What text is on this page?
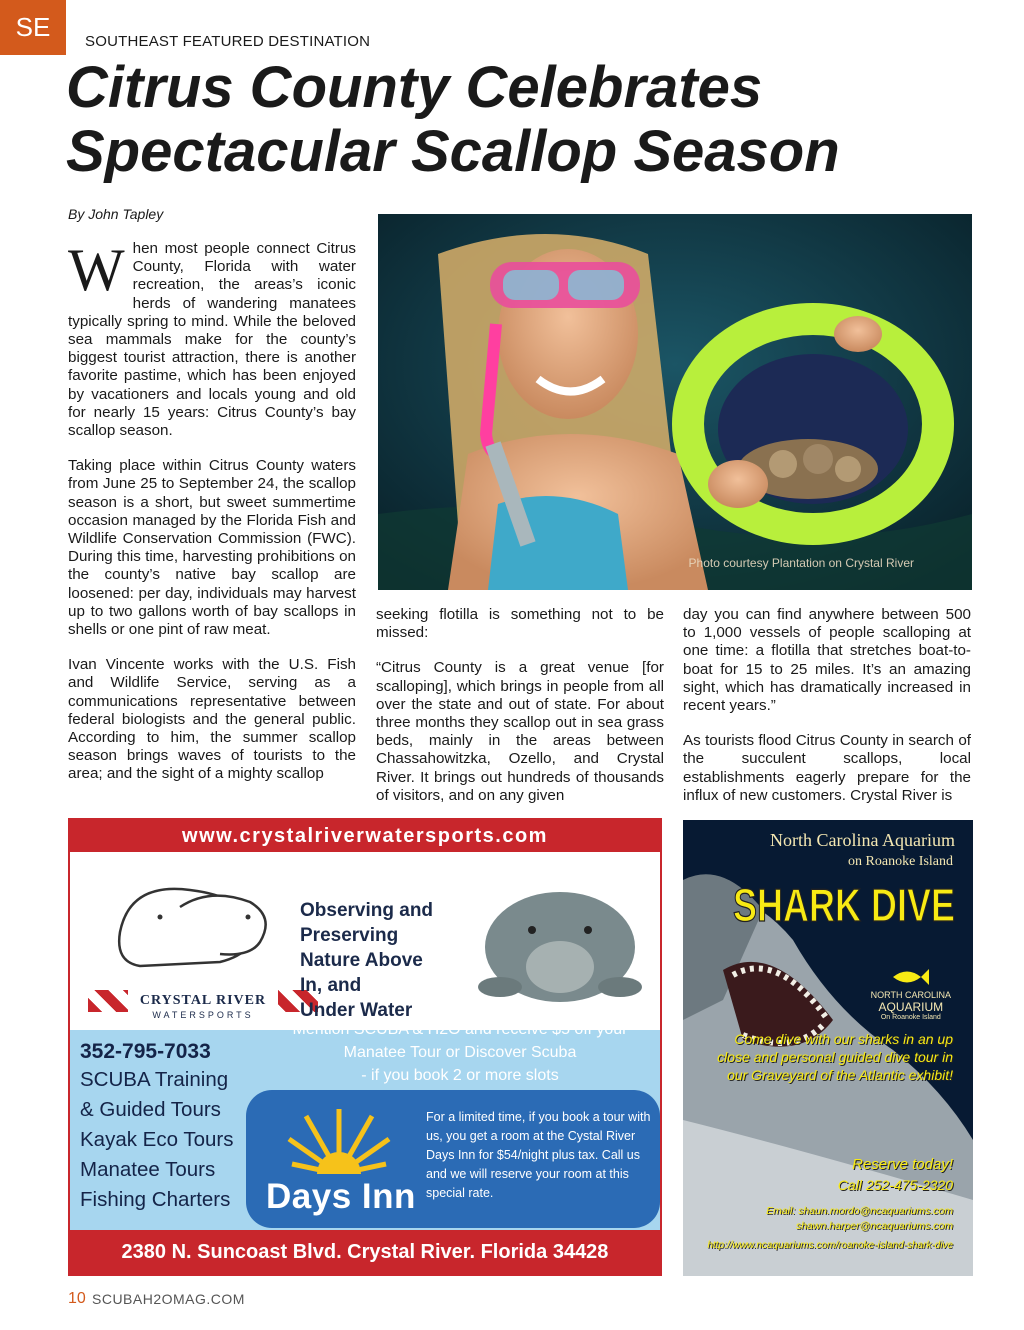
SE	SOUTHEAST FEATURED DESTINATION
Citrus County Celebrates
Spectacular Scallop Season
By John Tapley

When most people connect Citrus County, Florida with water recreation, the areas’s iconic herds of wandering manatees typically spring to mind. While the beloved sea mammals make for the county’s biggest tourist attraction, there is another favorite pastime, which has been enjoyed by vacationers and locals young and old for nearly 15 years: Citrus County’s bay scallop season.

Taking place within Citrus County waters from June 25 to September 24, the scallop season is a short, but sweet summertime occasion managed by the Florida Fish and Wildlife Conservation Commission (FWC). During this time, harvesting prohibitions on the county’s native bay scallop are loosened: per day, individuals may harvest up to two gallons worth of bay scallops in shells or one pint of raw meat.

Ivan Vincente works with the U.S. Fish and Wildlife Service, serving as a communications representative between federal biologists and the general public. According to him, the summer scallop season brings waves of tourists to the area; and the sight of a mighty scallop

Photo courtesy Plantation on Crystal River

seeking flotilla is something not to be missed:

“Citrus County is a great venue [for scalloping], which brings in people from all over the state and out of state. For about three months they scallop out in sea grass beds, mainly in the areas between Chassahowitzka, Ozello, and Crystal River. It brings out hundreds of thousands of visitors, and on any given

day you can find anywhere between 500 to 1,000 vessels of people scalloping at one time: a flotilla that stretches boat-to-boat for 15 to 25 miles. It’s an amazing sight, which has dramatically increased in recent years.”

As tourists flood Citrus County in search of the succulent scallops, local establishments eagerly prepare for the influx of new customers. Crystal River is

www.crystalriverwatersports.com
CRYSTAL RIVER
WATERSPORTS
Observing and
Preserving
Nature Above
In, and
Under Water
Mention SCUBA & H2O and receive $5 off your
Manatee Tour or Discover Scuba
- if you book 2 or more slots
352-795-7033
SCUBA Training
& Guided Tours
Kayak Eco Tours
Manatee Tours
Fishing Charters Days Inn
For a limited time, if you book a tour with us, you get a room at the Cystal River Days Inn for $54/night plus tax. Call us and we will reserve your room at this special rate.
2380 N. Suncoast Blvd. Crystal River. Florida 34428
North Carolina Aquarium
on Roanoke Island
SHARK DIVE
NORTH CAROLINA
AQUARIUM
On Roanoke Island
Come dive with our sharks in an up close and personal guided dive tour in our Graveyard of the Atlantic exhibit!
Reserve today!
Call 252-475-2320
Email: shaun.mordo@ncaquariums.com
shawn.harper@ncaquariums.com
http://www.ncaquariums.com/roanoke-island-shark-dive
10 SCUBAH2OMAG.COM
